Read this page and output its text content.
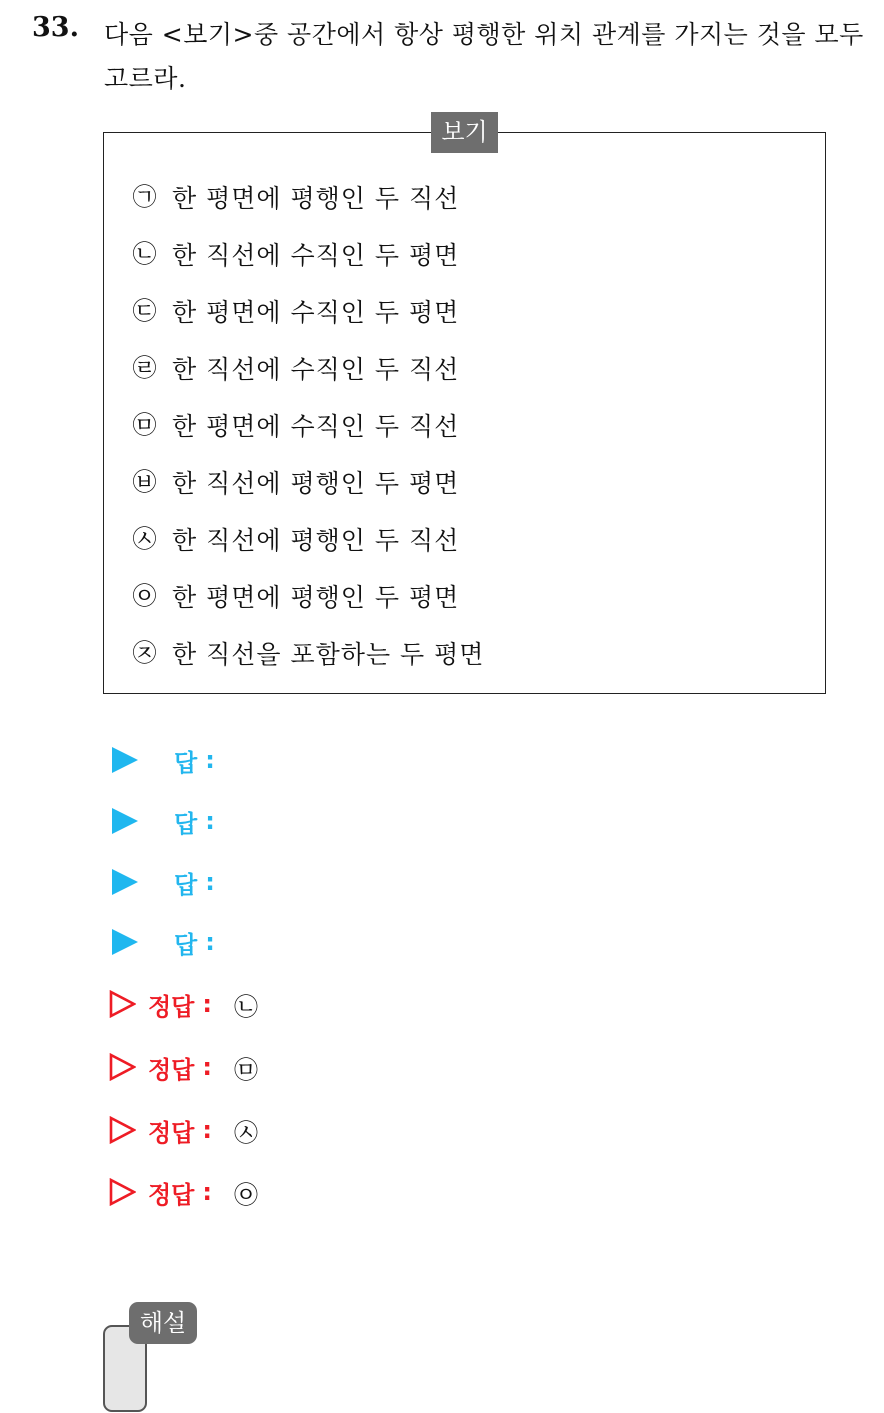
33. 다음 <보기>중 공간에서 항상 평행한 위치 관계를 가지는 것을 모두 고르라.
보기
㉠ 한 평면에 평행인 두 직선
㉡ 한 직선에 수직인 두 평면
㉢ 한 평면에 수직인 두 평면
㉣ 한 직선에 수직인 두 직선
㉤ 한 평면에 수직인 두 직선
㉥ 한 직선에 평행인 두 평면
㉦ 한 직선에 평행인 두 직선
㉧ 한 평면에 평행인 두 평면
㉨ 한 직선을 포함하는 두 평면
답 :
답 :
답 :
답 :
정답 : ㉡
정답 : ㉤
정답 : ㉦
정답 : ㉧
해설
